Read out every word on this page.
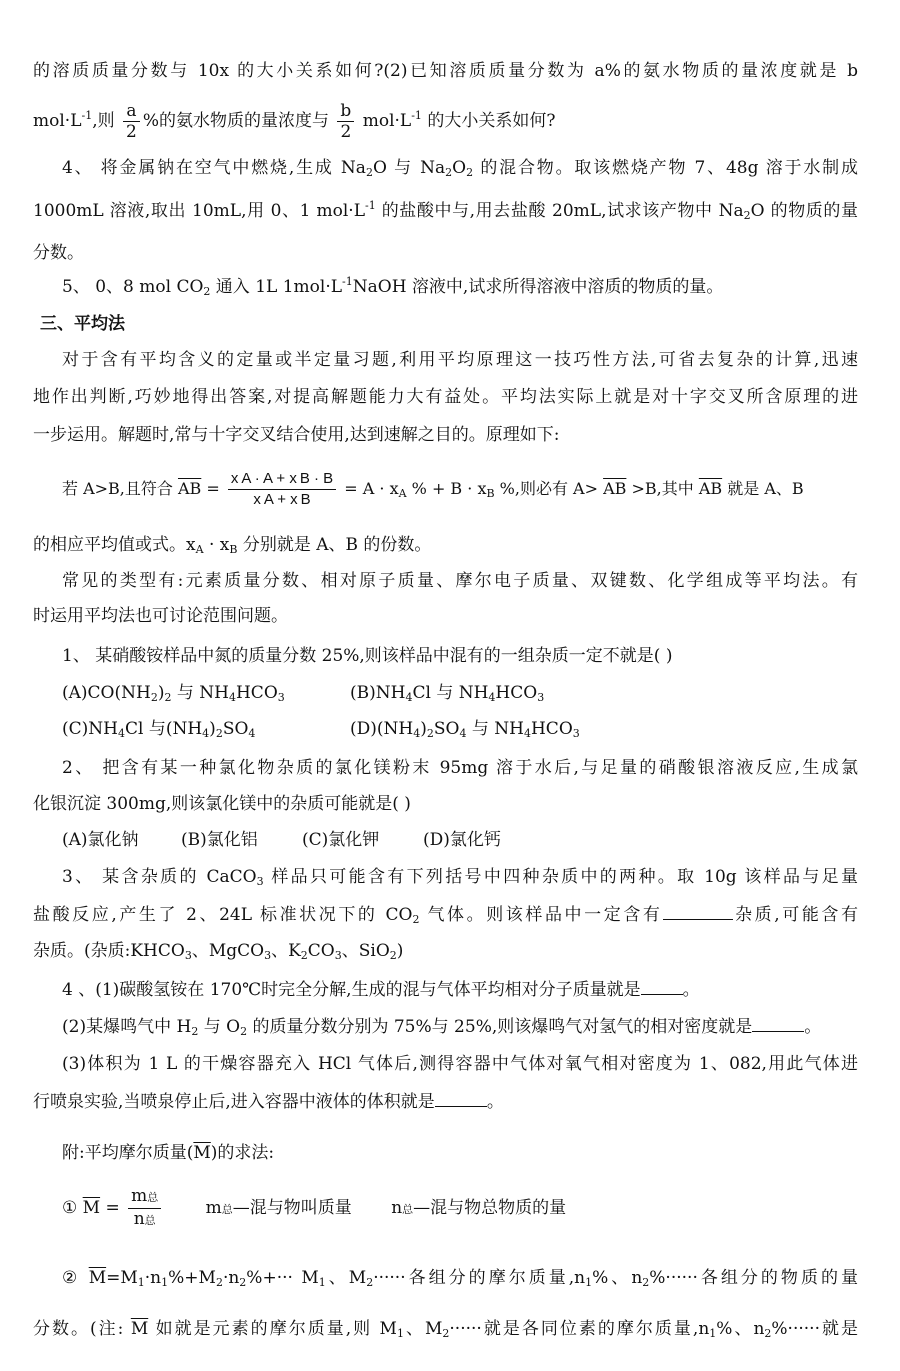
的溶质质量分数与 10x 的大小关系如何?(2)已知溶质质量分数为 a%的氨水物质的量浓度就是 b
$mol\cdot L^{-1}$,则 $\frac{a}{2}$ %的氨水物质的量浓度与 $\frac{b}{2} mol\cdot L^{-1}$ 的大小关系如何?
4、 将金属钠在空气中燃烧,生成 $Na_2O$ 与 $Na_2O_2$ 的混合物。取该燃烧产物 7、48g 溶于水制成
1000mL 溶液,取出 10mL,用 0、1 $mol\cdot L^{-1}$ 的盐酸中与,用去盐酸 20mL,试求该产物中 $Na_2O$ 的物质的量
分数。
5、 0、8 mol $CO_2$ 通入 1L $1mol\cdot L^{-1}NaOH$ 溶液中,试求所得溶液中溶质的物质的量。
三、平均法
对于含有平均含义的定量或半定量习题,利用平均原理这一技巧性方法,可省去复杂的计算,迅速
地作出判断,巧妙地得出答案,对提高解题能力大有益处。平均法实际上就是对十字交叉所含原理的进
一步运用。解题时,常与十字交叉结合使用,达到速解之目的。原理如下:
若 A>B,且符合 $\overline{AB} = \frac{\text{x A · A + x B · B}}{\text{x A + x B}} = A \cdot x_A$ % + $B \cdot x_B$ %,则必有 $A> \overline{AB} >B$,其中 $\overline{AB}$ 就是 A、B
的相应平均值或式。$x_A \cdot x_B$ 分别就是 A、B 的份数。
常见的类型有:元素质量分数、相对原子质量、摩尔电子质量、双键数、化学组成等平均法。有
时运用平均法也可讨论范围问题。
1、 某硝酸铵样品中氮的质量分数 25%,则该样品中混有的一组杂质一定不就是( )
$(A)CO(NH_2)_2$ 与 $NH_4HCO_3$	$(B)NH_4Cl$ 与 $NH_4HCO_3$
$(C)NH_4Cl$ 与$(NH_4)_2SO_4$	$(D)(NH_4)_2SO_4$ 与 $NH_4HCO_3$
2、 把含有某一种氯化物杂质的氯化镁粉末 95mg 溶于水后,与足量的硝酸银溶液反应,生成氯
化银沉淀 300mg,则该氯化镁中的杂质可能就是( )
(A)氯化钠 (B)氯化铝	(C)氯化钾	(D)氯化钙
3、 某含杂质的 CaCO$_3$ 样品只可能含有下列括号中四种杂质中的两种。取 10g 该样品与足量
盐酸反应,产生了 2、24L 标准状况下的 $CO_2$ 气体。则该样品中一定含有	杂质,可能含有
杂质。(杂质$:KHCO_3$、MgCO$_3$、$K_2CO_3$、SiO$_2$)
4 、(1)碳酸氢铵在 170℃时完全分解,生成的混与气体平均相对分子质量就是 。
(2)某爆鸣气中 $H_2$ 与 $O_2$ 的质量分数分别为 75%与 25%,则该爆鸣气对氢气的相对密度就是	。
(3)体积为 1 L 的干燥容器充入 HCl 气体后,测得容器中气体对氧气相对密度为 1、082,用此气体进
行喷泉实验,当喷泉停止后,进入容器中液体的体积就是	。
附:平均摩尔质量$(\overline{M})$的求法:
① $\overline{M} = \frac{\text{m总}}{\text{n总}}$	m总—混与物叫质量 n总—混与物总物质的量
② $\overline{M}=M_1\cdot n_1\%+M_2\cdot n_2\%+\cdot\cdot\cdot M_1$、$M_2\cdot\cdot\cdot\cdot\cdot\cdot$各组分的摩尔质量$,n_1\%$、$n_2\%\cdot\cdot\cdot\cdot\cdot\cdot$各组分的物质的量
分数。(注: $\overline{M}$ 如就是元素的摩尔质量,则 $M_1$、$M_2\cdot\cdot\cdot\cdot\cdot\cdot$就是各同位素的摩尔质量$,n_1\%$、$n_2\%\cdot\cdot\cdot\cdot\cdot\cdot$就是
